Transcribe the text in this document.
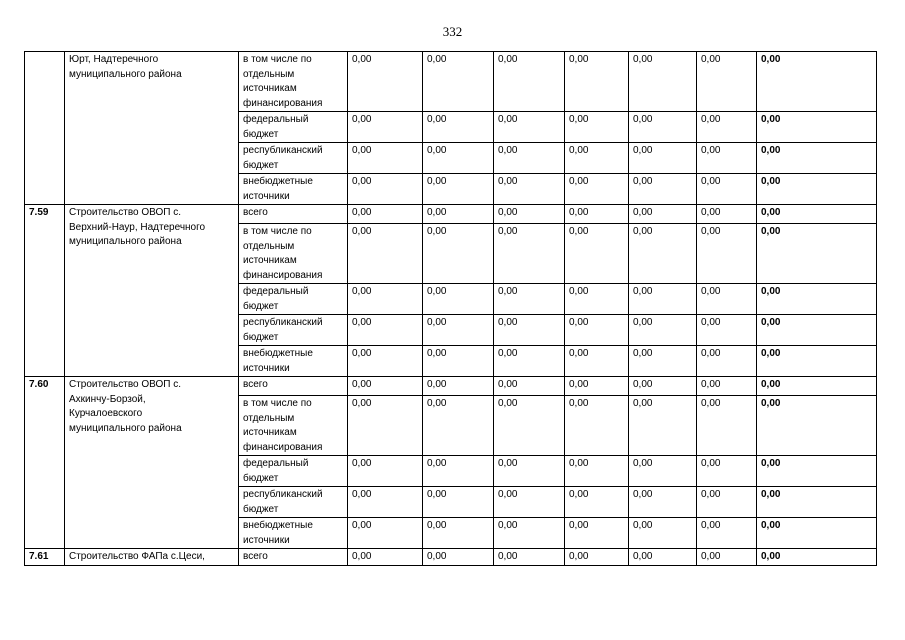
332
	Юрт, Надтеречного
муниципального района	в том числе по
отдельным
источникам
финансирования	0,00	0,00	0,00	0,00	0,00	0,00	0,00
		федеральный
бюджет	0,00	0,00	0,00	0,00	0,00	0,00	0,00
		республиканский
бюджет	0,00	0,00	0,00	0,00	0,00	0,00	0,00
		внебюджетные
источники	0,00	0,00	0,00	0,00	0,00	0,00	0,00
7.59	Строительство ОВОП с.
Верхний-Наур, Надтеречного
муниципального района	всего	0,00	0,00	0,00	0,00	0,00	0,00	0,00
		в том числе по
отдельным
источникам
финансирования	0,00	0,00	0,00	0,00	0,00	0,00	0,00
		федеральный
бюджет	0,00	0,00	0,00	0,00	0,00	0,00	0,00
		республиканский
бюджет	0,00	0,00	0,00	0,00	0,00	0,00	0,00
		внебюджетные
источники	0,00	0,00	0,00	0,00	0,00	0,00	0,00
7.60	Строительство ОВОП с.
Ахкинчу-Борзой,
Курчалоевского
муниципального района	всего	0,00	0,00	0,00	0,00	0,00	0,00	0,00
		в том числе по
отдельным
источникам
финансирования	0,00	0,00	0,00	0,00	0,00	0,00	0,00
		федеральный
бюджет	0,00	0,00	0,00	0,00	0,00	0,00	0,00
		республиканский
бюджет	0,00	0,00	0,00	0,00	0,00	0,00	0,00
		внебюджетные
источники	0,00	0,00	0,00	0,00	0,00	0,00	0,00
7.61	Строительство ФАПа с.Цеси,	всего	0,00	0,00	0,00	0,00	0,00	0,00	0,00
